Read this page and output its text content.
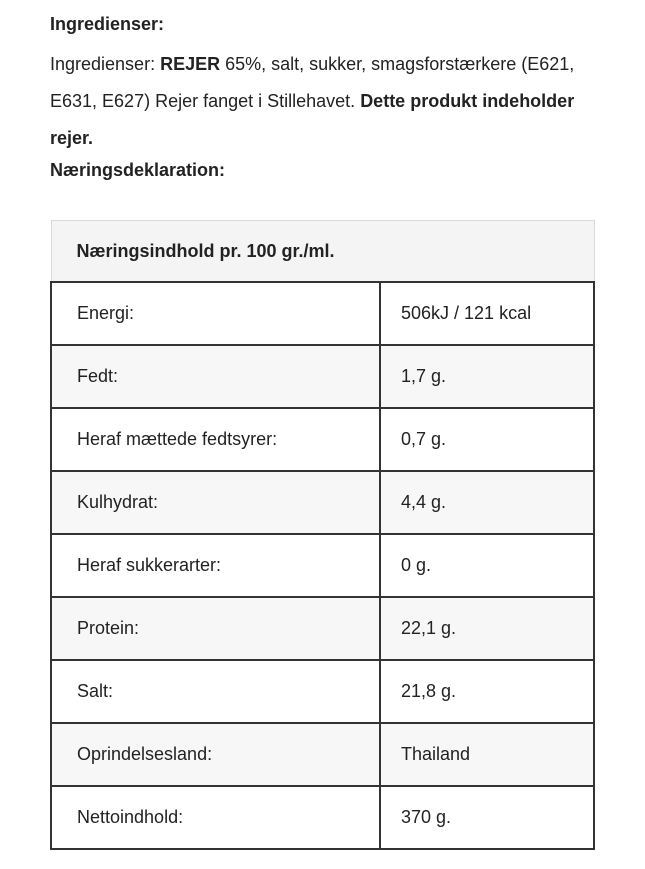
Ingredienser:

Ingredienser: REJER 65%, salt, sukker, smagsforstærkere (E621, E631, E627) Rejer fanget i Stillehavet. Dette produkt indeholder rejer.

Næringsdeklaration:
Næringsindhold pr. 100 gr./ml.	
Energi:	506kJ / 121 kcal
Fedt:	1,7 g.
Heraf mættede fedtsyrer:	0,7 g.
Kulhydrat:	4,4 g.
Heraf sukkerarter:	0 g.
Protein:	22,1 g.
Salt:	21,8 g.
Oprindelsesland:	Thailand
Nettoindhold:	370 g.
